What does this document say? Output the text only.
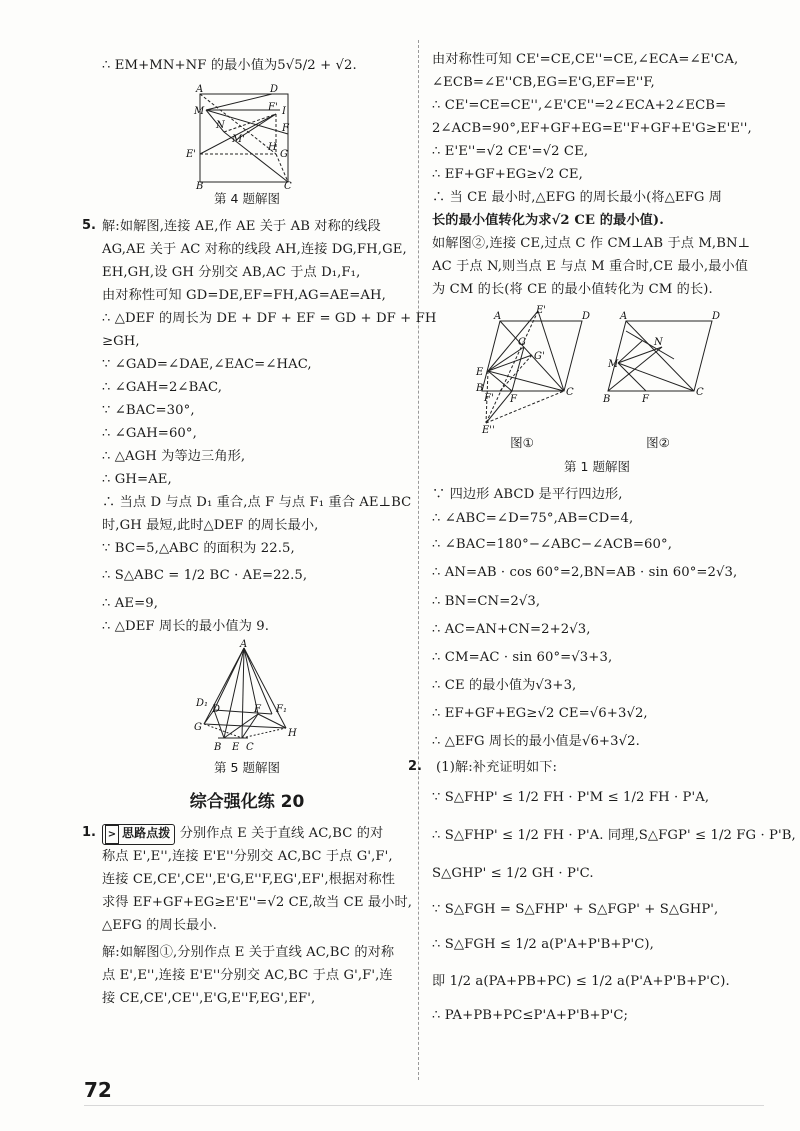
∴ EM+MN+NF 的最小值为5√5/2 + √2.
A	D
M	F' I
N	F
M'
E'
H
G
B	C
第 4 题解图
5. 解:如解图,连接 AE,作 AE 关于 AB 对称的线段
AG,AE 关于 AC 对称的线段 AH,连接 DG,FH,GE,
EH,GH,设 GH 分别交 AB,AC 于点 D₁,F₁,
由对称性可知 GD=DE,EF=FH,AG=AE=AH,
∴ △DEF 的周长为 DE + DF + EF = GD + DF + FH
≥GH,
∵ ∠GAD=∠DAE,∠EAC=∠HAC,
∴ ∠GAH=2∠BAC,
∵ ∠BAC=30°,
∴ ∠GAH=60°,
∴ △AGH 为等边三角形,
∴ GH=AE,
∴ 当点 D 与点 D₁ 重合,点 F 与点 F₁ 重合 AE⊥BC
时,GH 最短,此时△DEF 的周长最小,
∵ BC=5,△ABC 的面积为 22.5,
∴ S△ABC = 1/2 BC · AE=22.5,
∴ AE=9,
∴ △DEF 周长的最小值为 9.
A
D₁
D	F F₁
G
H
B E C
第 5 题解图
综合强化练 20
1.	> 思路点拨 分别作点 E 关于直线 AC,BC 的对
称点 E',E'',连接 E'E''分别交 AC,BC 于点 G',F',
连接 CE,CE',CE'',E'G,E''F,EG',EF',根据对称性
求得 EF+GF+EG≥E'E''=√2 CE,故当 CE 最小时,
△EFG 的周长最小.
解:如解图①,分别作点 E 关于直线 AC,BC 的对称
点 E',E'',连接 E'E''分别交 AC,BC 于点 G',F',连
接 CE,CE',CE'',E'G,E''F,EG',EF',
由对称性可知 CE'=CE,CE''=CE,∠ECA=∠E'CA,
∠ECB=∠E''CB,EG=E'G,EF=E''F,
∴ CE'=CE=CE'',∠E'CE''=2∠ECA+2∠ECB=
2∠ACB=90°,EF+GF+EG=E''F+GF+E'G≥E'E'',
∴ E'E''=√2 CE'=√2 CE,
∴ EF+GF+EG≥√2 CE,
∴ 当 CE 最小时,△EFG 的周长最小(将△EFG 周
长的最小值转化为求√2 CE 的最小值).
如解图②,连接 CE,过点 C 作 CM⊥AB 于点 M,BN⊥
AC 于点 N,则当点 E 与点 M 重合时,CE 最小,最小值
为 CM 的长(将 CE 的最小值转化为 CM 的长).
E'
A	D
G
G'
E
F' F
B	C
E''
A	D
N
M
B	F
C
图①	图②
第 1 题解图
∵ 四边形 ABCD 是平行四边形,
∴ ∠ABC=∠D=75°,AB=CD=4,
∴ ∠BAC=180°−∠ABC−∠ACB=60°,
∴ AN=AB · cos 60°=2,BN=AB · sin 60°=2√3,
∴ BN=CN=2√3,
∴ AC=AN+CN=2+2√3,
∴ CM=AC · sin 60°=√3+3,
∴ CE 的最小值为√3+3,
∴ EF+GF+EG≥√2 CE=√6+3√2,
∴ △EFG 周长的最小值是√6+3√2.
2. (1)解:补充证明如下:
∵ S△FHP' ≤ 1/2 FH · P'M ≤ 1/2 FH · P'A,
∴ S△FHP' ≤ 1/2 FH · P'A. 同理,S△FGP' ≤ 1/2 FG · P'B,
S△GHP' ≤ 1/2 GH · P'C.
∵ S△FGH = S△FHP' + S△FGP' + S△GHP',
∴ S△FGH ≤ 1/2 a(P'A+P'B+P'C),
即 1/2 a(PA+PB+PC) ≤ 1/2 a(P'A+P'B+P'C).
∴ PA+PB+PC≤P'A+P'B+P'C;
72
